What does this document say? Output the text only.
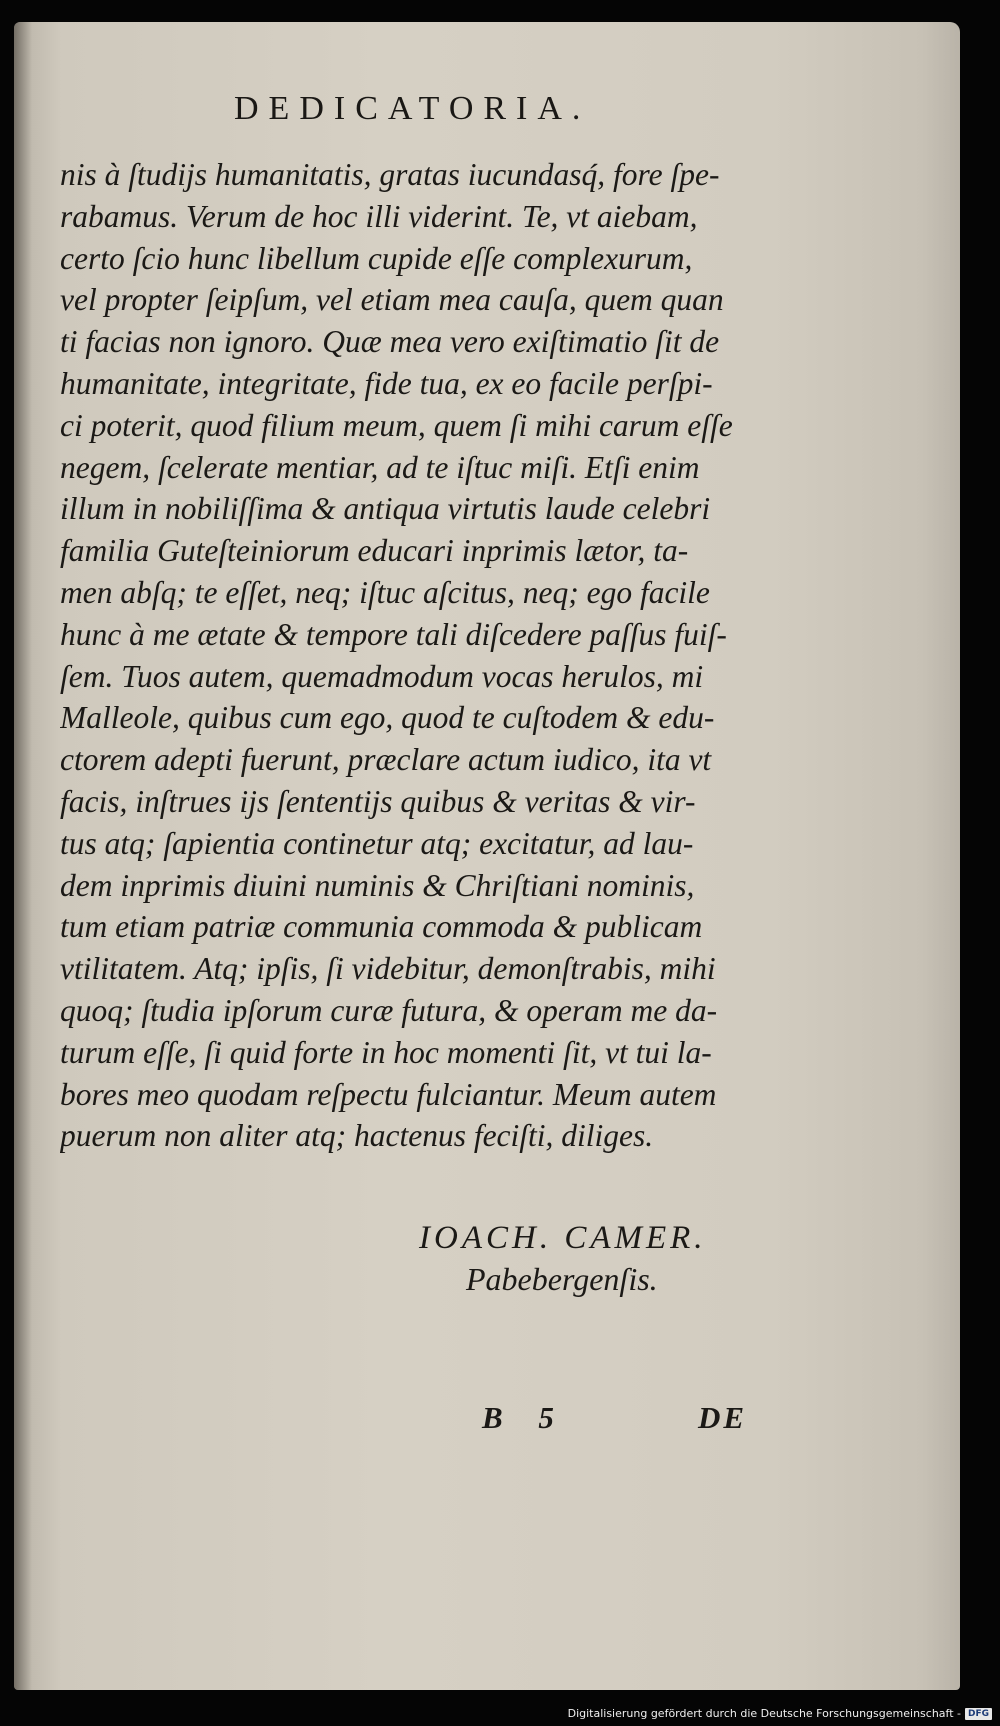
DEDICATORIA.
nis à ſtudijs humanitatis, gratas iucundasq́, fore ſpe-
rabamus. Verum de hoc illi viderint. Te, vt aiebam,
certo ſcio hunc libellum cupide eſſe complexurum,
vel propter ſeipſum, vel etiam mea cauſa, quem quan
ti facias non ignoro. Quæ mea vero exiſtimatio ſit de
humanitate, integritate, fide tua, ex eo facile perſpi-
ci poterit, quod filium meum, quem ſi mihi carum eſſe
negem, ſcelerate mentiar, ad te iſtuc miſi. Etſi enim
illum in nobiliſſima & antiqua virtutis laude celebri
familia Guteſteiniorum educari inprimis lætor, ta-
men abſq; te eſſet, neq; iſtuc aſcitus, neq; ego facile
hunc à me ætate & tempore tali diſcedere paſſus fuiſ-
ſem. Tuos autem, quemadmodum vocas herulos, mi
Malleole, quibus cum ego, quod te cuſtodem & edu-
ctorem adepti fuerunt, præclare actum iudico, ita vt
facis, inſtrues ijs ſententijs quibus & veritas & vir-
tus atq; ſapientia continetur atq; excitatur, ad lau-
dem inprimis diuini numinis & Chriſtiani nominis,
tum etiam patriæ communia commoda & publicam
vtilitatem. Atq; ipſis, ſi videbitur, demonſtrabis, mihi
quoq; ſtudia ipſorum curæ futura, & operam me da-
turum eſſe, ſi quid forte in hoc momenti ſit, vt tui la-
bores meo quodam reſpectu fulciantur. Meum autem
puerum non aliter atq; hactenus feciſti, diliges.
IOACH. CAMER.
Pabebergenſis.
B 5	DE
Digitalisierung gefördert durch die Deutsche Forschungsgemeinschaft - DFG
